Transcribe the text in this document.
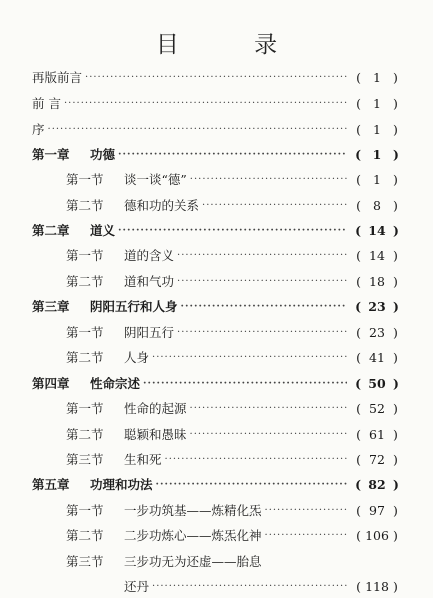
目 录
再版前言 ·····	( 1 )
前 言 ·····	( 1 )
序 ·····	( 1 )
第一章 功德 ·····	( 1 )
第一节 谈一谈“德” ·····	( 1 )
第二节 德和功的关系 ·····	( 8 )
第二章 道义 ·····	( 14 )
第一节 道的含义 ·····	( 14 )
第二节 道和气功 ·····	( 18 )
第三章 阴阳五行和人身 ·····	( 23 )
第一节 阴阳五行 ·····	( 23 )
第二节 人身 ·····	( 41 )
第四章 性命宗述 ·····	( 50 )
第一节 性命的起源 ·····	( 52 )
第二节 聪颖和愚昧 ·····	( 61 )
第三节 生和死 ·····	( 72 )
第五章 功理和功法 ·····	( 82 )
第一节 一步功筑基——炼精化炁 ·····	( 97 )
第二节 二步功炼心——炼炁化神 ·····	( 106 )
第三节 三步功无为还虚——胎息
还丹 ·····	( 118 )
